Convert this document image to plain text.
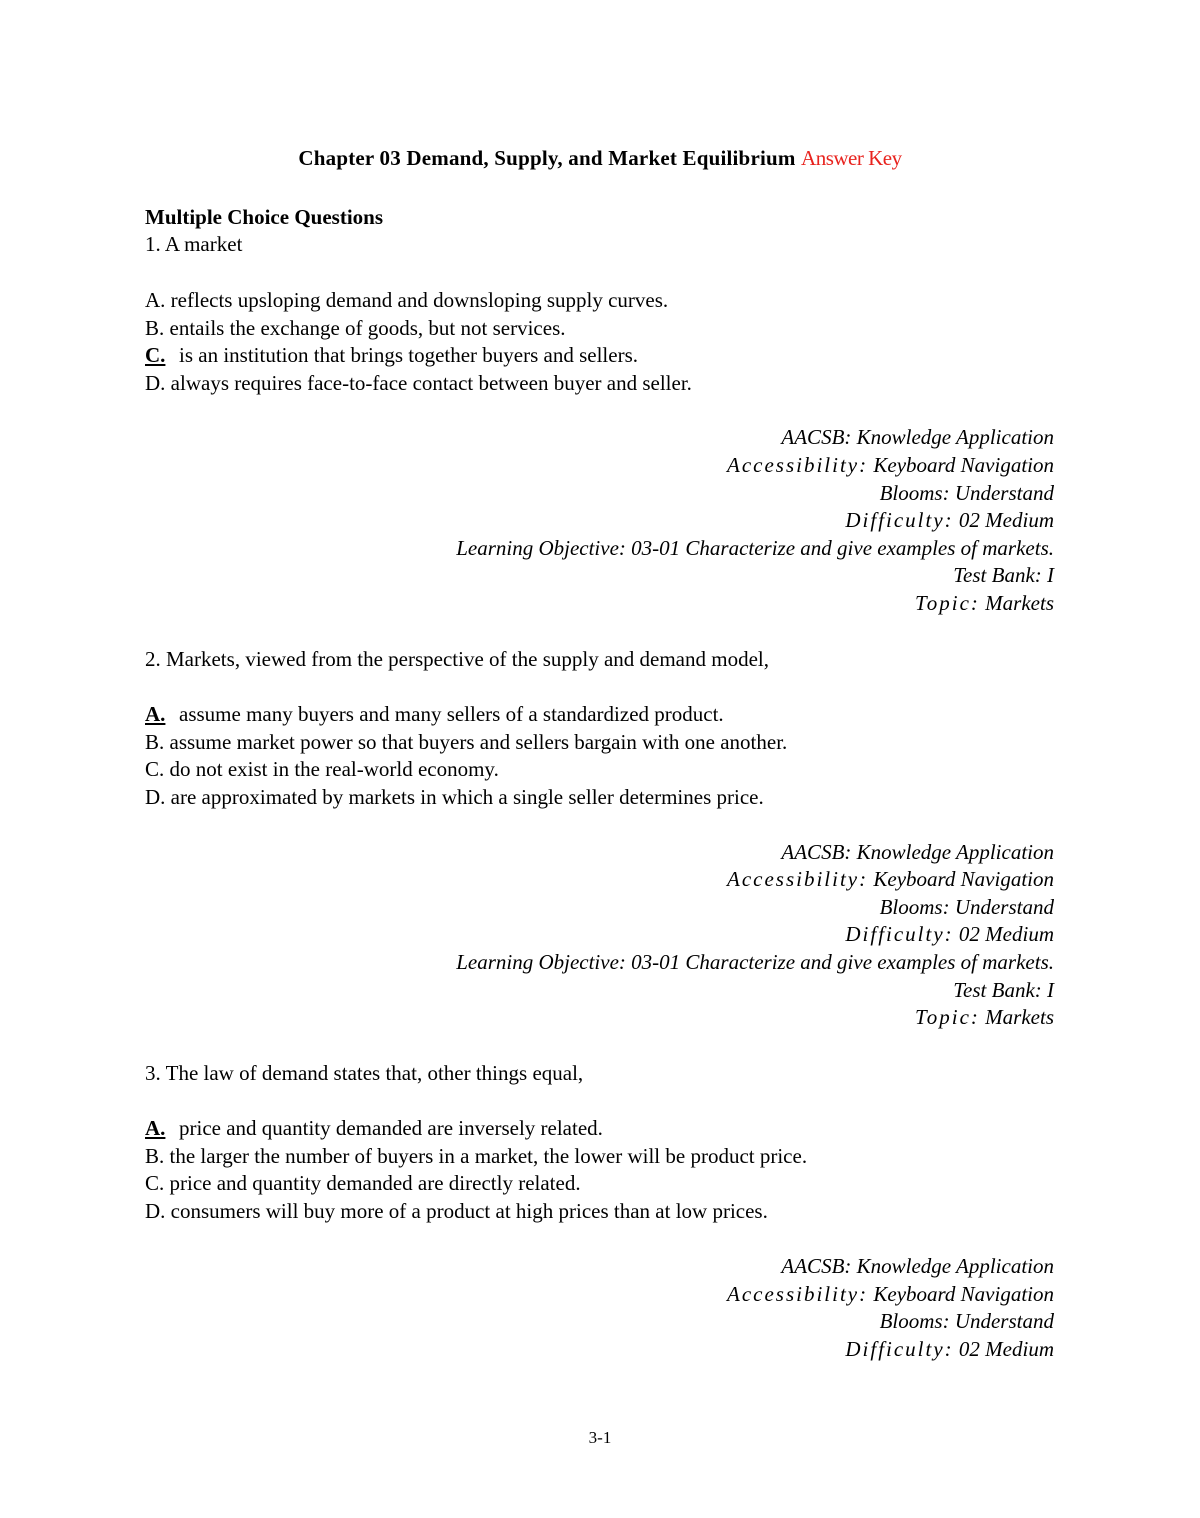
Chapter 03 Demand, Supply, and Market Equilibrium Answer Key
Multiple Choice Questions
1. A market
A. reflects upsloping demand and downsloping supply curves.
B. entails the exchange of goods, but not services.
C. is an institution that brings together buyers and sellers.
D. always requires face-to-face contact between buyer and seller.
AACSB: Knowledge Application
Accessibility: Keyboard Navigation
Blooms: Understand
Difficulty: 02 Medium
Learning Objective: 03-01 Characterize and give examples of markets.
Test Bank: I
Topic: Markets
2. Markets, viewed from the perspective of the supply and demand model,
A. assume many buyers and many sellers of a standardized product.
B. assume market power so that buyers and sellers bargain with one another.
C. do not exist in the real-world economy.
D. are approximated by markets in which a single seller determines price.
AACSB: Knowledge Application
Accessibility: Keyboard Navigation
Blooms: Understand
Difficulty: 02 Medium
Learning Objective: 03-01 Characterize and give examples of markets.
Test Bank: I
Topic: Markets
3. The law of demand states that, other things equal,
A. price and quantity demanded are inversely related.
B. the larger the number of buyers in a market, the lower will be product price.
C. price and quantity demanded are directly related.
D. consumers will buy more of a product at high prices than at low prices.
AACSB: Knowledge Application
Accessibility: Keyboard Navigation
Blooms: Understand
Difficulty: 02 Medium
3-1
